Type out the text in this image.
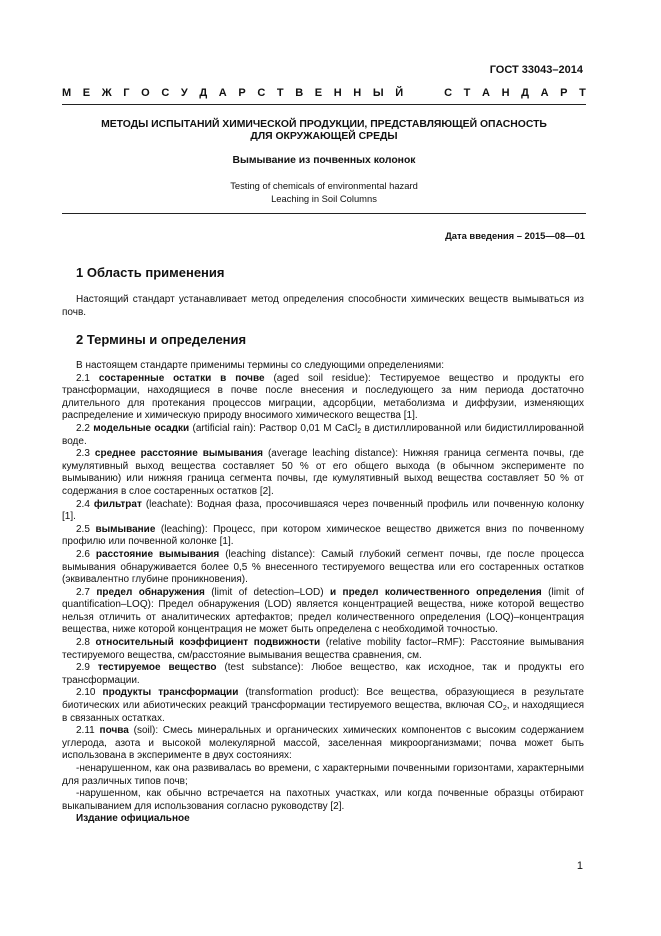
ГОСТ 33043–2014
М Е Ж Г О С У Д А Р С Т В Е Н Н Ы Й

	С Т А Н Д А Р Т
МЕТОДЫ ИСПЫТАНИЙ ХИМИЧЕСКОЙ ПРОДУКЦИИ, ПРЕДСТАВЛЯЮЩЕЙ ОПАСНОСТЬ
ДЛЯ ОКРУЖАЮЩЕЙ СРЕДЫ
Вымывание из почвенных колонок
Testing of chemicals of environmental hazard
Leaching in Soil Columns
Дата введения – 2015—08—01
1 Область применения

Настоящий стандарт устанавливает метод определения способности химических веществ вымываться из почв.

2 Термины и определения

В настоящем стандарте применимы термины со следующими определениями:

2.1 состаренные остатки в почве (aged soil residue): Тестируемое вещество и продукты его трансформации, находящиеся в почве после внесения и последующего за ним периода достаточно длительного для протекания процессов миграции, адсорбции, метаболизма и диффузии, изменяющих распределение и химическую природу вносимого химического вещества [1].

2.2 модельные осадки (artificial rain): Раствор 0,01 М CaCl$_2$ в дистиллированной или бидистиллированной воде.

2.3 среднее расстояние вымывания (average leaching distance): Нижняя граница сегмента почвы, где кумулятивный выход вещества составляет 50 % от его общего выхода (в обычном эксперименте по вымыванию) или нижняя граница сегмента почвы, где кумулятивный выход вещества составляет 50 % от содержания в слое состаренных остатков [2].

2.4 фильтрат (leachate): Водная фаза, просочившаяся через почвенный профиль или почвенную колонку [1].

2.5 вымывание (leaching): Процесс, при котором химическое вещество движется вниз по почвенному профилю или почвенной колонке [1].

2.6 расстояние вымывания (leaching distance): Самый глубокий сегмент почвы, где после процесса вымывания обнаруживается более 0,5 % внесенного тестируемого вещества или его состаренных остатков (эквивалентно глубине проникновения).

2.7 предел обнаружения (limit of detection–LOD) и предел количественного определения (limit of quantification–LOQ): Предел обнаружения (LOD) является концентрацией вещества, ниже которой вещество нельзя отличить от аналитических артефактов; предел количественного определения (LOQ)–концентрация вещества, ниже которой концентрация не может быть определена с необходимой точностью.

2.8 относительный коэффициент подвижности (relative mobility factor–RMF): Расстояние вымывания тестируемого вещества, см/расстояние вымывания вещества сравнения, см.

2.9 тестируемое вещество (test substance): Любое вещество, как исходное, так и продукты его трансформации.

2.10 продукты трансформации (transformation product): Все вещества, образующиеся в результате биотических или абиотических реакций трансформации тестируемого вещества, включая $CO_2$, и находящиеся в связанных остатках.

2.11 почва (soil): Смесь минеральных и органических химических компонентов с высоким содержанием углерода, азота и высокой молекулярной массой, заселенная микроорганизмами; почва может быть использована в эксперименте в двух состояниях:

-ненарушенном, как она развивалась во времени, с характерными почвенными горизонтами, характерными для различных типов почв;

-нарушенном, как обычно встречается на пахотных участках, или когда почвенные образцы отбирают выкапыванием для использования согласно руководству [2].

Издание официальное

1
